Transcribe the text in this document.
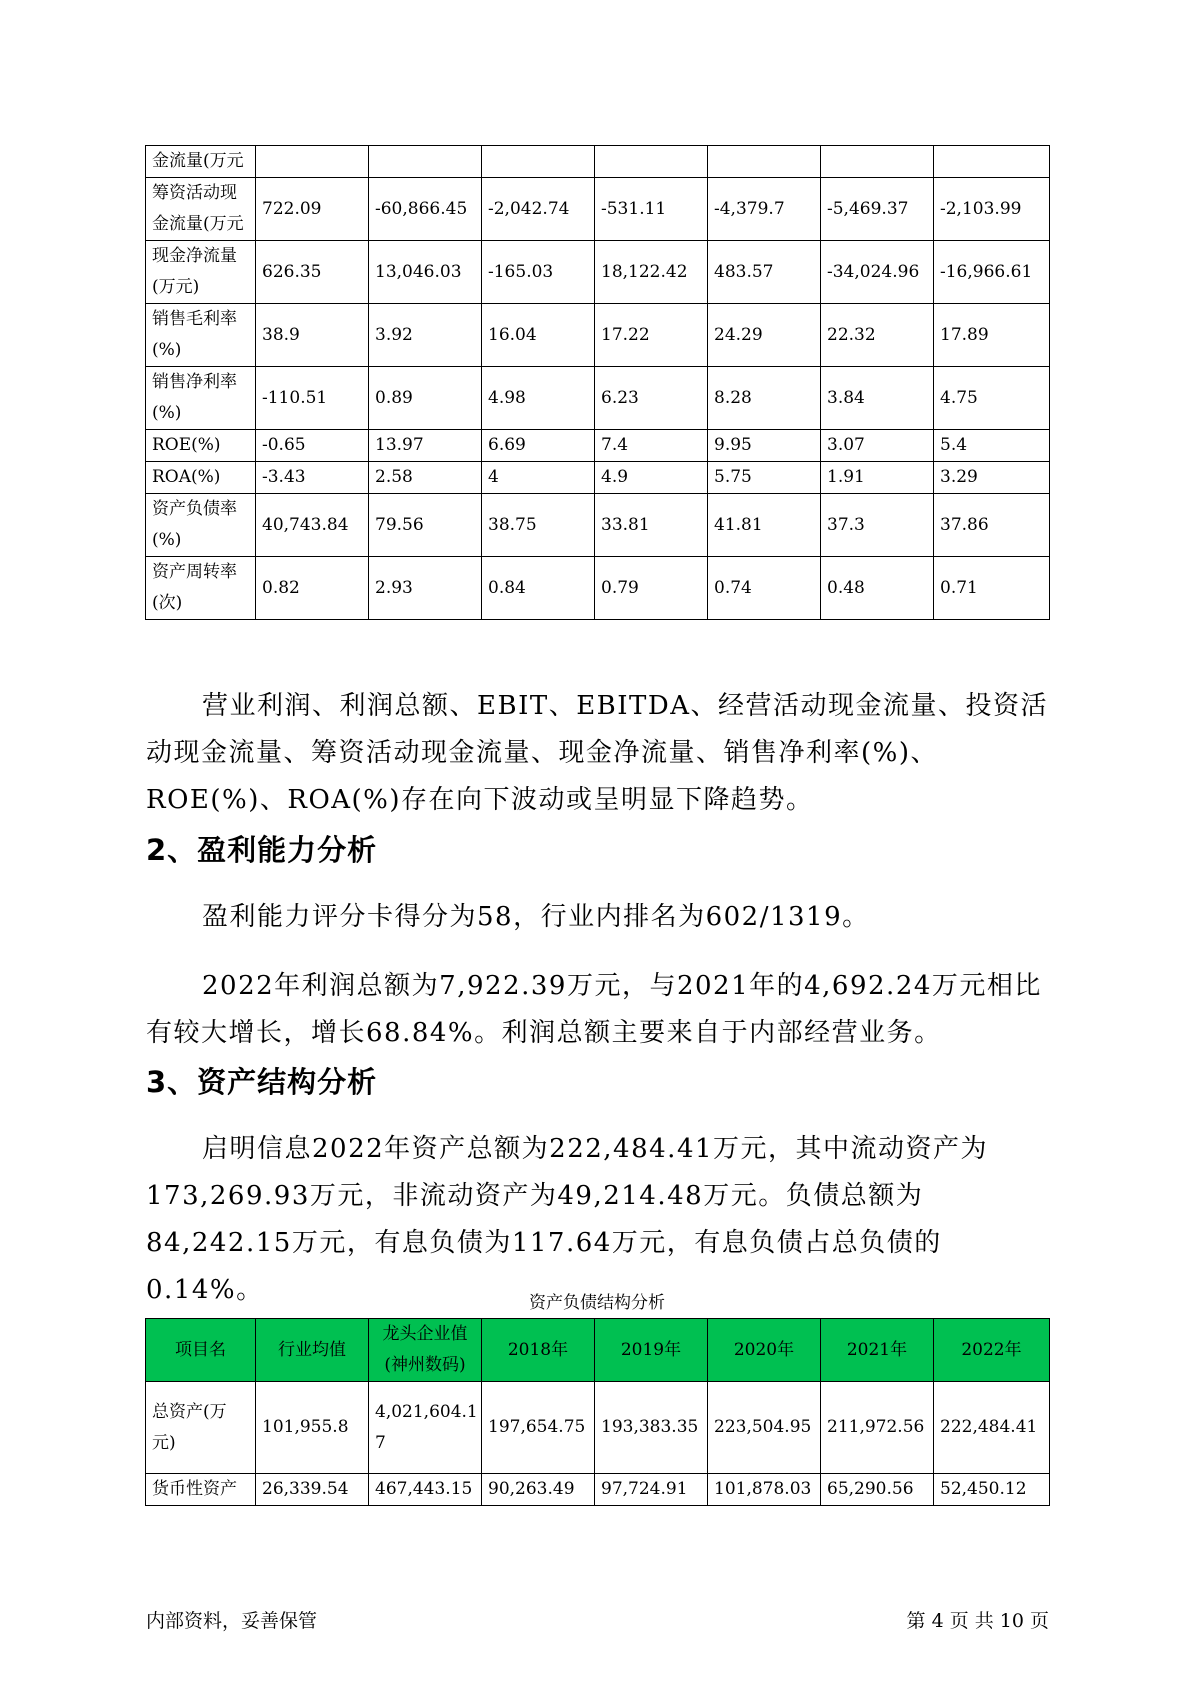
金流量(万元							

筹资活动现
金流量(万元	722.09	-60,866.45	-2,042.74	-531.11	-4,379.7	-5,469.37	-2,103.99

现金净流量
(万元)	626.35	13,046.03	-165.03	18,122.42	483.57	-34,024.96	-16,966.61

销售毛利率
(%)	38.9	3.92	16.04	17.22	24.29	22.32	17.89

销售净利率
(%)	-110.51	0.89	4.98	6.23	8.28	3.84	4.75

ROE(%)	-0.65	13.97	6.69	7.4	9.95	3.07	5.4

ROA(%)	-3.43	2.58	4	4.9	5.75	1.91	3.29

资产负债率
(%)	40,743.84	79.56	38.75	33.81	41.81	37.3	37.86

资产周转率
(次)	0.82	2.93	0.84	0.79	0.74	0.48	0.71

营业利润、利润总额、EBIT、EBITDA、经营活动现金流量、投资活动现金流量、筹资活动现金流量、现金净流量、销售净利率(%)、ROE(%)、ROA(%)存在向下波动或呈明显下降趋势。

2、盈利能力分析

盈利能力评分卡得分为58，行业内排名为602/1319。

2022年利润总额为7,922.39万元，与2021年的4,692.24万元相比有较大增长，增长68.84%。利润总额主要来自于内部经营业务。

3、资产结构分析

启明信息2022年资产总额为222,484.41万元，其中流动资产为173,269.93万元，非流动资产为49,214.48万元。负债总额为84,242.15万元，有息负债为117.64万元，有息负债占总负债的0.14%。	资产负债结构分析
项目名	行业均值	龙头企业值
(神州数码)	2018年	2019年	2020年	2021年	2022年

总资产(万
元)	101,955.8	4,021,604.17	197,654.75	193,383.35	223,504.95	211,972.56	222,484.41

货币性资产	26,339.54	467,443.15	90,263.49	97,724.91	101,878.03	65,290.56	52,450.12
内部资料，妥善保管	第 4 页 共 10 页
